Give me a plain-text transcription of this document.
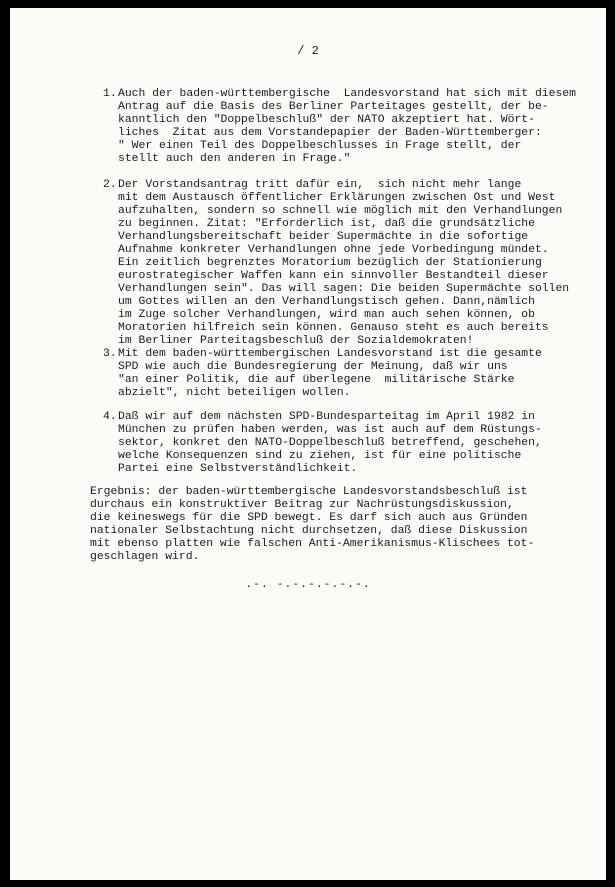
/ 2
1. Auch der baden-württembergische  Landesvorstand hat sich mit diesem
Antrag auf die Basis des Berliner Parteitages gestellt, der be-
kanntlich den "Doppelbeschluß" der NATO akzeptiert hat. Wört-
liches  Zitat aus dem Vorstandepapier der Baden-Württemberger:
" Wer einen Teil des Doppelbeschlusses in Frage stellt, der
stellt auch den anderen in Frage."
2. Der Vorstandsantrag tritt dafür ein,  sich nicht mehr lange
mit dem Austausch öffentlicher Erklärungen zwischen Ost und West
aufzuhalten, sondern so schnell wie möglich mit den Verhandlungen
zu beginnen. Zitat: "Erforderlich ist, daß die grundsätzliche
Verhandlungsbereitschaft beider Supermächte in die sofortige
Aufnahme konkreter Verhandlungen ohne jede Vorbedingung mündet.
Ein zeitlich begrenztes Moratorium bezüglich der Stationierung
eurostrategischer Waffen kann ein sinnvoller Bestandteil dieser
Verhandlungen sein". Das will sagen: Die beiden Supermächte sollen
um Gottes willen an den Verhandlungstisch gehen. Dann,nämlich
im Zuge solcher Verhandlungen, wird man auch sehen können, ob
Moratorien hilfreich sein können. Genauso steht es auch bereits
im Berliner Parteitagsbeschluß der Sozialdemokraten!
3. Mit dem baden-württembergischen Landesvorstand ist die gesamte
SPD wie auch die Bundesregierung der Meinung, daß wir uns
"an einer Politik, die auf überlegene  militärische Stärke
abzielt", nicht beteiligen wollen.
4. Daß wir auf dem nächsten SPD-Bundesparteitag im April 1982 in
München zu prüfen haben werden, was ist auch auf dem Rüstungs-
sektor, konkret den NATO-Doppelbeschluß betreffend, geschehen,
welche Konsequenzen sind zu ziehen, ist für eine politische
Partei eine Selbstverständlichkeit.
Ergebnis: der baden-württembergische Landesvorstandsbeschluß ist
durchaus ein konstruktiver Beitrag zur Nachrüstungsdiskussion,
die keineswegs für die SPD bewegt. Es darf sich auch aus Gründen
nationaler Selbstachtung nicht durchsetzen, daß diese Diskussion
mit ebenso platten wie falschen Anti-Amerikanismus-Klischees tot-
geschlagen wird.
.-. -.-.-.-.-.-.
